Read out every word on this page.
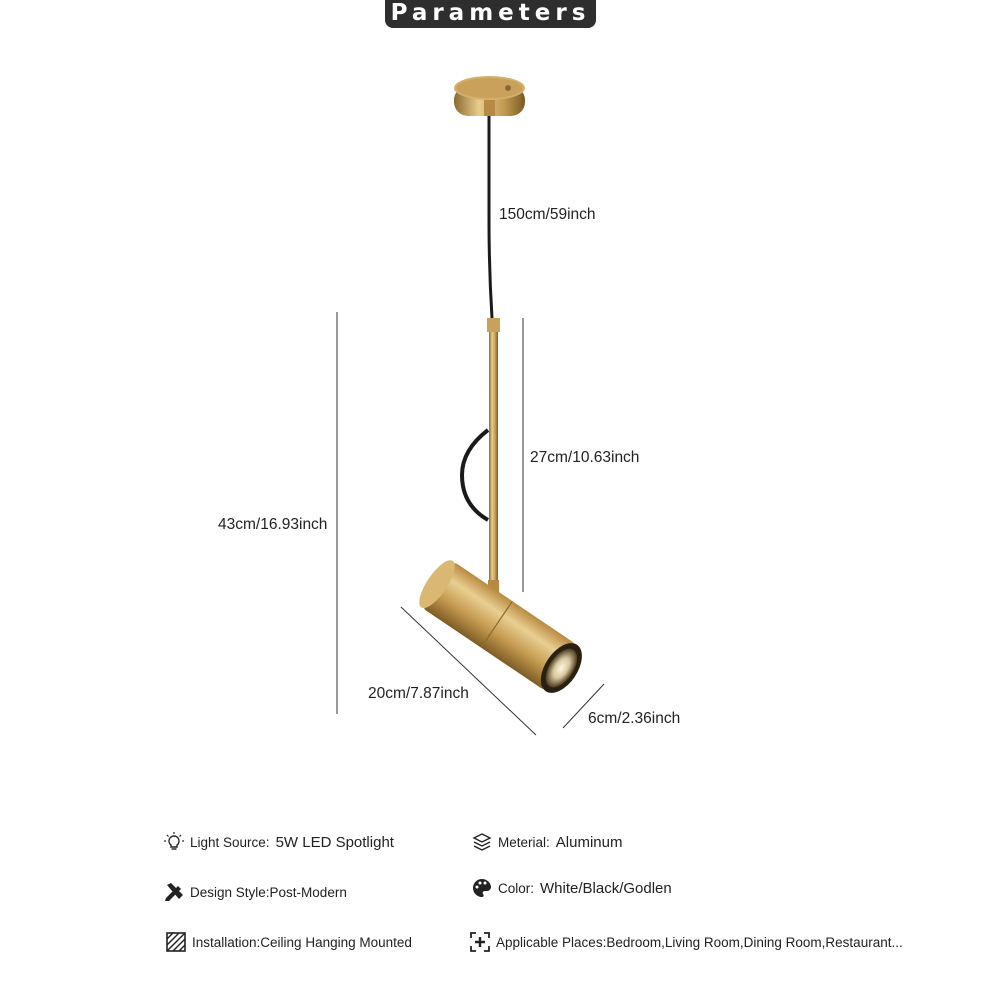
Parameters
150cm/59inch
27cm/10.63inch
43cm/16.93inch
20cm/7.87inch
6cm/2.36inch
Light Source: 5W LED Spotlight	Meterial: Aluminum
Design Style: Post-Modern	Color: White/Black/Godlen
Installation: Ceiling Hanging Mounted	Applicable Places: Bedroom,Living Room,Dining Room,Restaurant...
